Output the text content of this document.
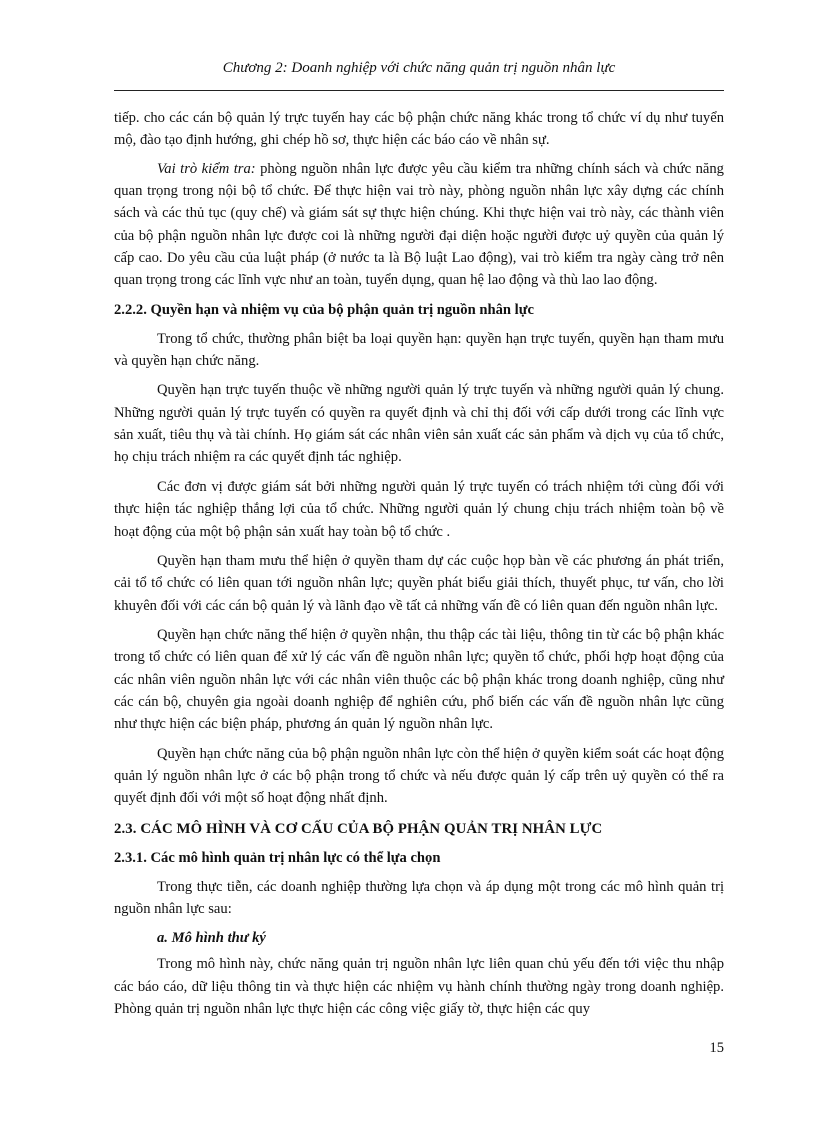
Chương 2: Doanh nghiệp với chức năng quản trị nguồn nhân lực

tiếp. cho các cán bộ quản lý trực tuyến hay các bộ phận chức năng khác trong tổ chức ví dụ như tuyển mộ, đào tạo định hướng, ghi chép hồ sơ, thực hiện các báo cáo về nhân sự.

Vai trò kiểm tra: phòng nguồn nhân lực được yêu cầu kiểm tra những chính sách và chức năng quan trọng trong nội bộ tổ chức. Để thực hiện vai trò này, phòng nguồn nhân lực xây dựng các chính sách và các thủ tục (quy chế) và giám sát sự thực hiện chúng. Khi thực hiện vai trò này, các thành viên của bộ phận nguồn nhân lực được coi là những người đại diện hoặc người được uỷ quyền của quản lý cấp cao. Do yêu cầu của luật pháp (ở nước ta là Bộ luật Lao động), vai trò kiểm tra ngày càng trở nên quan trọng trong các lĩnh vực như an toàn, tuyển dụng, quan hệ lao động và thù lao lao động.

2.2.2. Quyền hạn và nhiệm vụ của bộ phận quản trị nguồn nhân lực

Trong tổ chức, thường phân biệt ba loại quyền hạn: quyền hạn trực tuyến, quyền hạn tham mưu và quyền hạn chức năng.

Quyền hạn trực tuyến thuộc về những người quản lý trực tuyến và những người quản lý chung. Những người quản lý trực tuyến có quyền ra quyết định và chỉ thị đối với cấp dưới trong các lĩnh vực sản xuất, tiêu thụ và tài chính. Họ giám sát các nhân viên sản xuất các sản phẩm và dịch vụ của tổ chức, họ chịu trách nhiệm ra các quyết định tác nghiệp.

Các đơn vị được giám sát bởi những người quản lý trực tuyến có trách nhiệm tới cùng đối với thực hiện tác nghiệp thắng lợi của tổ chức. Những người quản lý chung chịu trách nhiệm toàn bộ về hoạt động của một bộ phận sản xuất hay toàn bộ tổ chức .

Quyền hạn tham mưu thể hiện ở quyền tham dự các cuộc họp bàn về các phương án phát triển, cải tổ tổ chức có liên quan tới nguồn nhân lực; quyền phát biểu giải thích, thuyết phục, tư vấn, cho lời khuyên đối với các cán bộ quản lý và lãnh đạo về tất cả những vấn đề có liên quan đến nguồn nhân lực.

Quyền hạn chức năng thể hiện ở quyền nhận, thu thập các tài liệu, thông tin từ các bộ phận khác trong tổ chức có liên quan để xử lý các vấn đề nguồn nhân lực; quyền tổ chức, phối hợp hoạt động của các nhân viên nguồn nhân lực với các nhân viên thuộc các bộ phận khác trong doanh nghiệp, cũng như các cán bộ, chuyên gia ngoài doanh nghiệp để nghiên cứu, phổ biến các vấn đề nguồn nhân lực cũng như thực hiện các biện pháp, phương án quản lý nguồn nhân lực.

Quyền hạn chức năng của bộ phận nguồn nhân lực còn thể hiện ở quyền kiểm soát các hoạt động quản lý nguồn nhân lực ở các bộ phận trong tổ chức và nếu được quản lý cấp trên uỷ quyền có thể ra quyết định đối với một số hoạt động nhất định.

2.3. CÁC MÔ HÌNH VÀ CƠ CẤU CỦA BỘ PHẬN QUẢN TRỊ NHÂN LỰC
2.3.1. Các mô hình quản trị nhân lực có thể lựa chọn

Trong thực tiễn, các doanh nghiệp thường lựa chọn và áp dụng một trong các mô hình quản trị nguồn nhân lực sau:

a. Mô hình thư ký

Trong mô hình này, chức năng quản trị nguồn nhân lực liên quan chủ yếu đến tới việc thu nhập các báo cáo, dữ liệu thông tin và thực hiện các nhiệm vụ hành chính thường ngày trong doanh nghiệp. Phòng quản trị nguồn nhân lực thực hiện các công việc giấy tờ, thực hiện các quy

15
